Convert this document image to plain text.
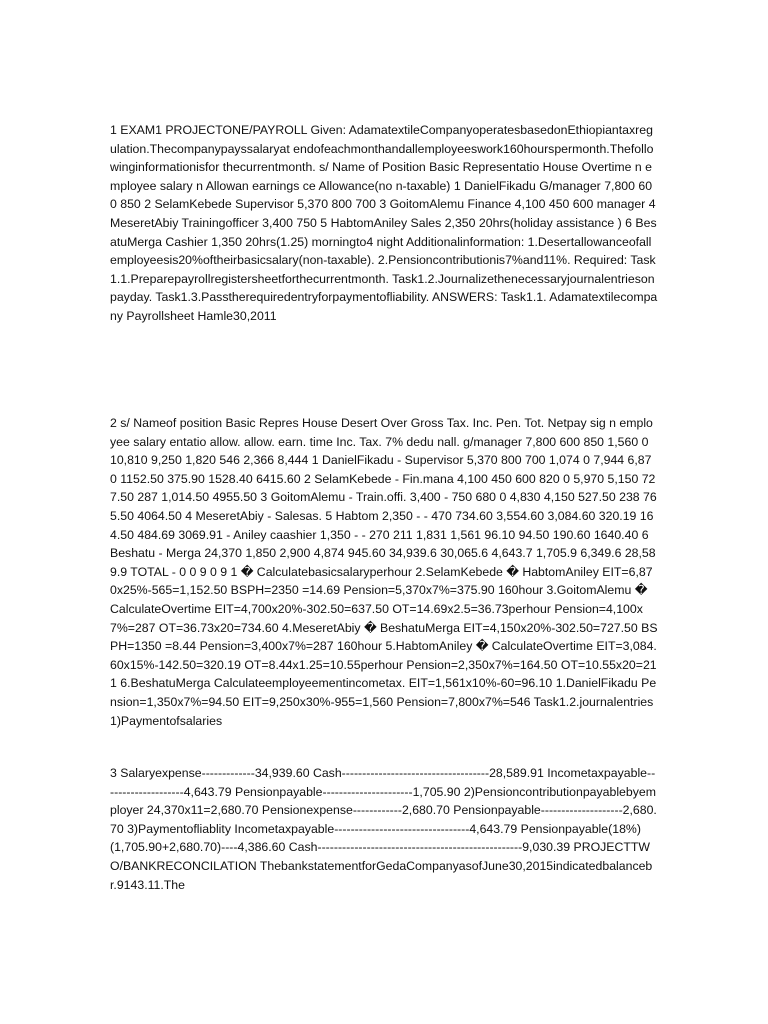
1 EXAM1 PROJECTONE/PAYROLL Given: AdamatextileCompanyoperatesbasedonEthiopiantaxregulation.Thecompanypayssalaryat endofeachmonthandallemployeeswork160hourspermonth.Thefollowinginformationisfor thecurrentmonth. s/ Name of Position Basic Representatio House Overtime n employee salary n Allowan earnings ce Allowance(no n-taxable) 1 DanielFikadu G/manager 7,800 600 850 2 SelamKebede Supervisor 5,370 800 700 3 GoitomAlemu Finance 4,100 450 600 manager 4 MeseretAbiy Trainingofficer 3,400 750 5 HabtomAniley Sales 2,350 20hrs(holiday assistance ) 6 BesatuMerga Cashier 1,350 20hrs(1.25) morningto4 night Additionalinformation: 1.Desertallowanceofallemployeesis20%oftheirbasicsalary(non-taxable). 2.Pensioncontributionis7%and11%. Required: Task1.1.Preparepayrollregistersheetforthecurrentmonth. Task1.2.Journalizethenecessaryjournalentriesonpayday. Task1.3.Passtherequiredentryforpaymentofliability. ANSWERS: Task1.1. Adamatextilecompany Payrollsheet Hamle30,2011

2 s/ Nameof position Basic Repres House Desert Over Gross Tax. Inc. Pen. Tot. Netpay sig n employee salary entatio allow. allow. earn. time Inc. Tax. 7% dedu nall. g/manager 7,800 600 850 1,560 0 10,810 9,250 1,820 546 2,366 8,444 1 DanielFikadu - Supervisor 5,370 800 700 1,074 0 7,944 6,870 1152.50 375.90 1528.40 6415.60 2 SelamKebede - Fin.mana 4,100 450 600 820 0 5,970 5,150 727.50 287 1,014.50 4955.50 3 GoitomAlemu - Train.offi. 3,400 - 750 680 0 4,830 4,150 527.50 238 765.50 4064.50 4 MeseretAbiy - Salesas. 5 Habtom 2,350 - - 470 734.60 3,554.60 3,084.60 320.19 164.50 484.69 3069.91 - Aniley caashier 1,350 - - 270 211 1,831 1,561 96.10 94.50 190.60 1640.40 6 Beshatu - Merga 24,370 1,850 2,900 4,874 945.60 34,939.6 30,065.6 4,643.7 1,705.9 6,349.6 28,589.9 TOTAL - 0 0 9 0 9 1 � Calculatebasicsalaryperhour 2.SelamKebede � HabtomAniley EIT=6,870x25%-565=1,152.50 BSPH=2350 =14.69 Pension=5,370x7%=375.90 160hour 3.GoitomAlemu � CalculateOvertime EIT=4,700x20%-302.50=637.50 OT=14.69x2.5=36.73perhour Pension=4,100x7%=287 OT=36.73x20=734.60 4.MeseretAbiy � BeshatuMerga EIT=4,150x20%-302.50=727.50 BSPH=1350 =8.44 Pension=3,400x7%=287 160hour 5.HabtomAniley � CalculateOvertime EIT=3,084.60x15%-142.50=320.19 OT=8.44x1.25=10.55perhour Pension=2,350x7%=164.50 OT=10.55x20=211 6.BeshatuMerga Calculateemployeementincometax. EIT=1,561x10%-60=96.10 1.DanielFikadu Pension=1,350x7%=94.50 EIT=9,250x30%-955=1,560 Pension=7,800x7%=546 Task1.2.journalentries 1)Paymentofsalaries

3 Salaryexpense-------------34,939.60 Cash------------------------------------28,589.91 Incometaxpayable--------------------4,643.79 Pensionpayable----------------------1,705.90 2)Pensioncontributionpayablebyemployer 24,370x11=2,680.70 Pensionexpense------------2,680.70 Pensionpayable--------------------2,680.70 3)Paymentofliablity Incometaxpayable---------------------------------4,643.79 Pensionpayable(18%) (1,705.90+2,680.70)----4,386.60 Cash--------------------------------------------------9,030.39 PROJECTTWO/BANKRECONCILATION ThebankstatementforGedaCompanyasofJune30,2015indicatedbalancebr.9143.11.The
